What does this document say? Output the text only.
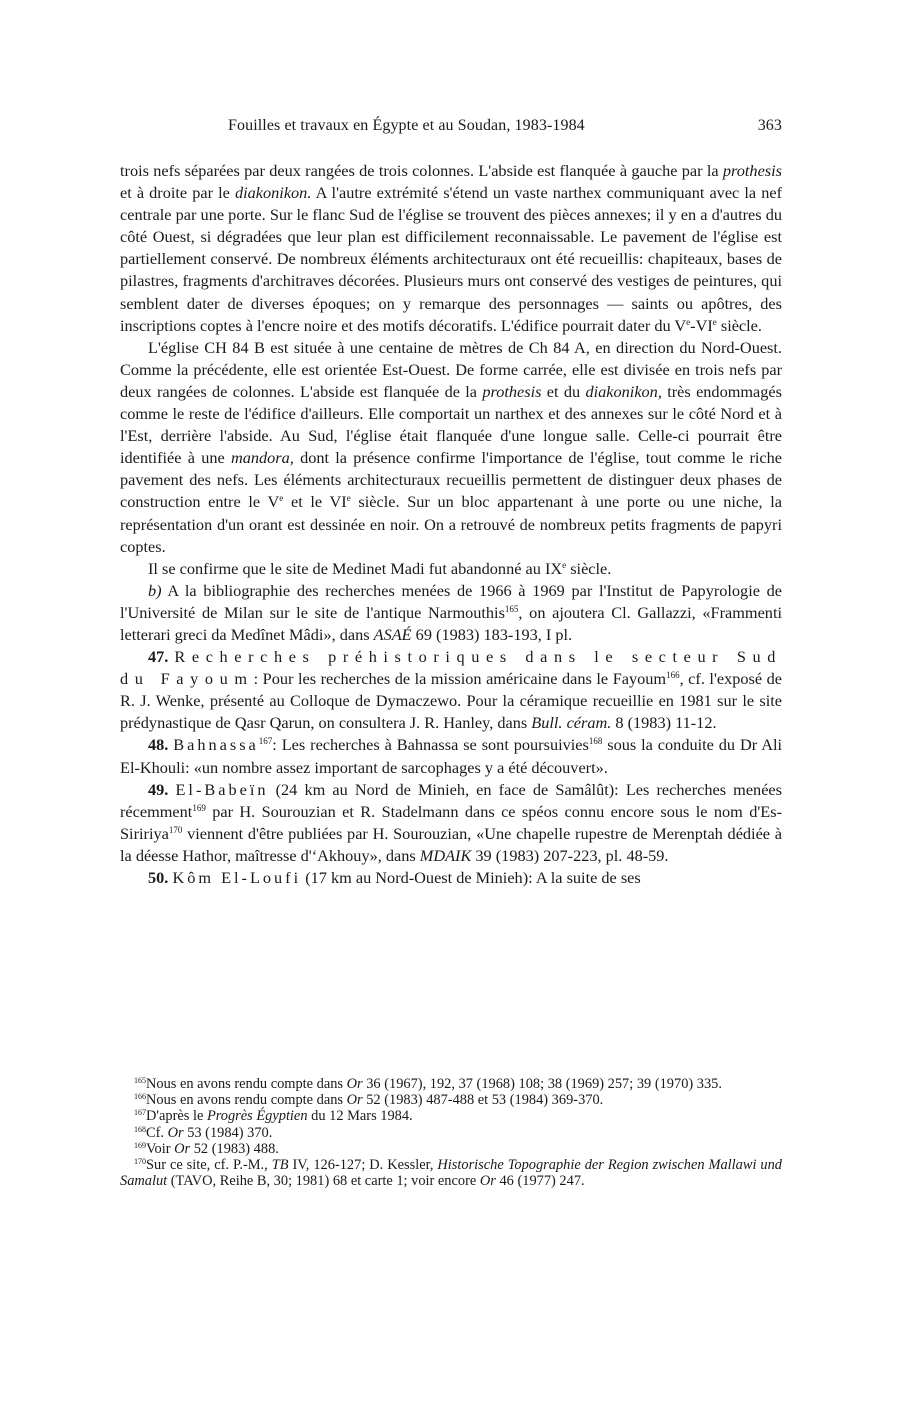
Fouilles et travaux en Égypte et au Soudan, 1983-1984	363

trois nefs séparées par deux rangées de trois colonnes. L'abside est flanquée à gauche par la prothesis et à droite par le diakonikon. A l'autre extrémité s'étend un vaste narthex communiquant avec la nef centrale par une porte. Sur le flanc Sud de l'église se trouvent des pièces annexes; il y en a d'autres du côté Ouest, si dégradées que leur plan est difficilement reconnaissable. Le pavement de l'église est partiellement conservé. De nombreux éléments architecturaux ont été recueillis: chapiteaux, bases de pilastres, fragments d'architraves décorées. Plusieurs murs ont conservé des vestiges de peintures, qui semblent dater de diverses époques; on y remarque des personnages — saints ou apôtres, des inscriptions coptes à l'encre noire et des motifs décoratifs. L'édifice pourrait dater du Ve-VIe siècle.

L'église CH 84 B est située à une centaine de mètres de Ch 84 A, en direction du Nord-Ouest. Comme la précédente, elle est orientée Est-Ouest. De forme carrée, elle est divisée en trois nefs par deux rangées de colonnes. L'abside est flanquée de la prothesis et du diakonikon, très endommagés comme le reste de l'édifice d'ailleurs. Elle comportait un narthex et des annexes sur le côté Nord et à l'Est, derrière l'abside. Au Sud, l'église était flanquée d'une longue salle. Celle-ci pourrait être identifiée à une mandora, dont la présence confirme l'importance de l'église, tout comme le riche pavement des nefs. Les éléments architecturaux recueillis permettent de distinguer deux phases de construction entre le Ve et le VIe siècle. Sur un bloc appartenant à une porte ou une niche, la représentation d'un orant est dessinée en noir. On a retrouvé de nombreux petits fragments de papyri coptes.

Il se confirme que le site de Medinet Madi fut abandonné au IXe siècle.

b) A la bibliographie des recherches menées de 1966 à 1969 par l'Institut de Papyrologie de l'Université de Milan sur le site de l'antique Narmouthis$^{165}$, on ajoutera Cl. Gallazzi, «Frammenti letterari greci da Medînet Mâdi», dans ASAÉ 69 (1983) 183-193, I pl.

47. Recherches préhistoriques dans le secteur Sud du Fayoum: Pour les recherches de la mission américaine dans le Fayoum$^{166}$, cf. l'exposé de R. J. Wenke, présenté au Colloque de Dymaczewo. Pour la céramique recueillie en 1981 sur le site prédynastique de Qasr Qarun, on consultera J. R. Hanley, dans Bull. céram. 8 (1983) 11-12.

48. Bahnassa$^{167}$: Les recherches à Bahnassa se sont poursuivies$^{168}$ sous la conduite du Dr Ali El-Khouli: «un nombre assez important de sarcophages y a été découvert».

49. El-Babeïn (24 km au Nord de Minieh, en face de Samâlût): Les recherches menées récemment$^{169}$ par H. Sourouzian et R. Stadelmann dans ce spéos connu encore sous le nom d'Es-Siririya$^{170}$ viennent d'être publiées par H. Sourouzian, «Une chapelle rupestre de Merenptah dédiée à la déesse Hathor, maîtresse d'‘Akhouy», dans MDAIK 39 (1983) 207-223, pl. 48-59.

50. Kôm El-Loufi (17 km au Nord-Ouest de Minieh): A la suite de ses

$^{165}$Nous en avons rendu compte dans Or 36 (1967), 192, 37 (1968) 108; 38 (1969) 257; 39 (1970) 335.

$^{166}$Nous en avons rendu compte dans Or 52 (1983) 487-488 et 53 (1984) 369-370.

$^{167}$D'après le Progrès Égyptien du 12 Mars 1984.

$^{168}$Cf. Or 53 (1984) 370.

$^{169}$Voir Or 52 (1983) 488.

$^{170}$Sur ce site, cf. P.-M., TB IV, 126-127; D. Kessler, Historische Topographie der Region zwischen Mallawi und Samalut (TAVO, Reihe B, 30; 1981) 68 et carte 1; voir encore Or 46 (1977) 247.
